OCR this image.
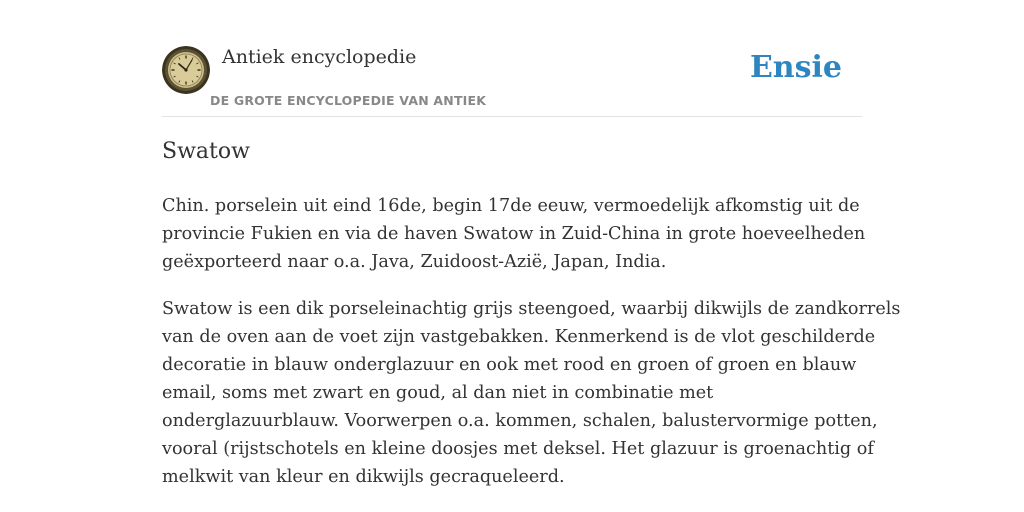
Antiek encyclopedie
DE GROTE ENCYCLOPEDIE VAN ANTIEK
Ensie
Swatow

Chin. porselein uit eind 16de, begin 17de eeuw, vermoedelijk afkomstig uit de
provincie Fukien en via de haven Swatow in Zuid-China in grote hoeveelheden
geëxporteerd naar o.a. Java, Zuidoost-Azië, Japan, India.

Swatow is een dik porseleinachtig grijs steengoed, waarbij dikwijls de zandkorrels
van de oven aan de voet zijn vastgebakken. Kenmerkend is de vlot geschilderde
decoratie in blauw onderglazuur en ook met rood en groen of groen en blauw
email, soms met zwart en goud, al dan niet in combinatie met
onderglazuurblauw. Voorwerpen o.a. kommen, schalen, balustervormige potten,
vooral (rijstschotels en kleine doosjes met deksel. Het glazuur is groenachtig of
melkwit van kleur en dikwijls gecraqueleerd.
